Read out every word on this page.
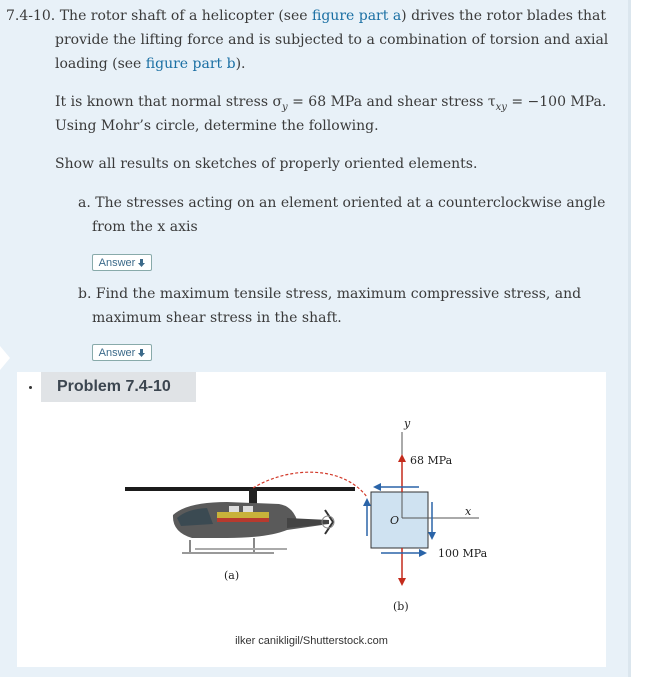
7.4-10. The rotor shaft of a helicopter (see figure part a) drives the rotor blades that
provide the lifting force and is subjected to a combination of torsion and axial
loading (see figure part b).
It is known that normal stress $\sigma_y = 68$ MPa and shear stress $\tau_{xy} = -100$ MPa.
Using Mohr’s circle, determine the following.
Show all results on sketches of properly oriented elements.
a. The stresses acting on an element oriented at a counterclockwise angle
from the x axis
Answer
b. Find the maximum tensile stress, maximum compressive stress, and
maximum shear stress in the shaft.
Answer
(a)
y
x
O
68 MPa
100 MPa
(b)
ilker canikligil/Shutterstock.com
Problem 7.4-10
